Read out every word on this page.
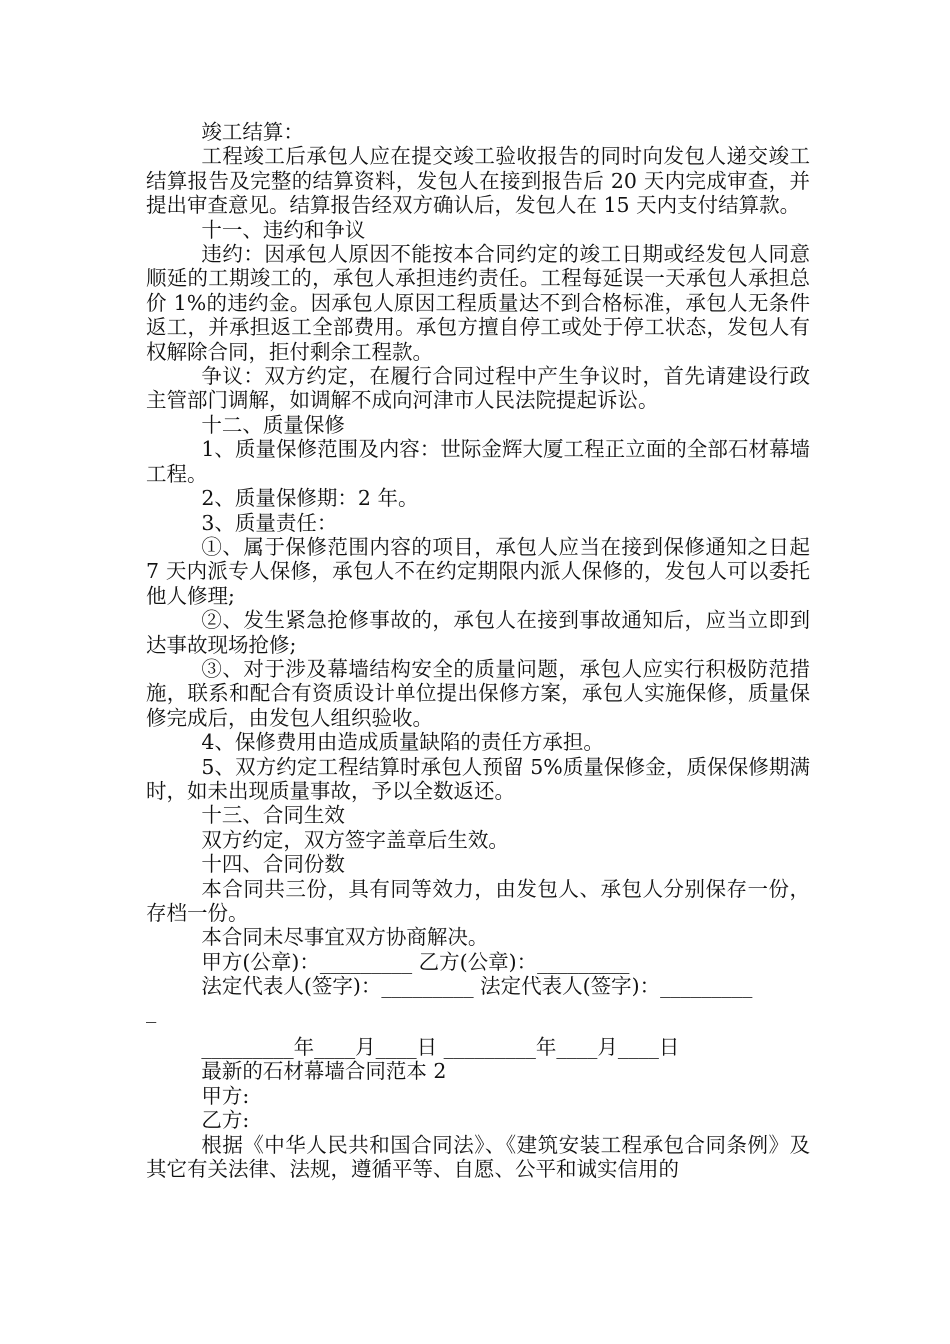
竣工结算：

工程竣工后承包人应在提交竣工验收报告的同时向发包人递交竣工结算报告及完整的结算资料，发包人在接到报告后 20 天内完成审查，并提出审查意见。结算报告经双方确认后，发包人在 15 天内支付结算款。

十一、违约和争议

违约：因承包人原因不能按本合同约定的竣工日期或经发包人同意顺延的工期竣工的，承包人承担违约责任。工程每延误一天承包人承担总价 1%的违约金。因承包人原因工程质量达不到合格标准，承包人无条件返工，并承担返工全部费用。承包方擅自停工或处于停工状态，发包人有权解除合同，拒付剩余工程款。

争议：双方约定，在履行合同过程中产生争议时，首先请建设行政主管部门调解，如调解不成向河津市人民法院提起诉讼。

十二、质量保修

1、质量保修范围及内容：世际金辉大厦工程正立面的全部石材幕墙工程。

2、质量保修期：2 年。

3、质量责任：

①、属于保修范围内容的项目，承包人应当在接到保修通知之日起 7 天内派专人保修，承包人不在约定期限内派人保修的，发包人可以委托他人修理;

②、发生紧急抢修事故的，承包人在接到事故通知后，应当立即到达事故现场抢修;

③、对于涉及幕墙结构安全的质量问题，承包人应实行积极防范措施，联系和配合有资质设计单位提出保修方案，承包人实施保修，质量保修完成后，由发包人组织验收。

4、保修费用由造成质量缺陷的责任方承担。

5、双方约定工程结算时承包人预留 5%质量保修金，质保保修期满时，如未出现质量事故，予以全数返还。

十三、合同生效

双方约定，双方签字盖章后生效。

十四、合同份数

本合同共三份，具有同等效力，由发包人、承包人分别保存一份，存档一份。

本合同未尽事宜双方协商解决。

甲方(公章)：_________ 乙方(公章)：_________

法定代表人(签字)：_________ 法定代表人(签字)：_________

_

_________年____月____日 _________年____月____日

最新的石材幕墙合同范本 2

甲方:

乙方:

根据《中华人民共和国合同法》、《建筑安装工程承包合同条例》及其它有关法律、法规，遵循平等、自愿、公平和诚实信用的
